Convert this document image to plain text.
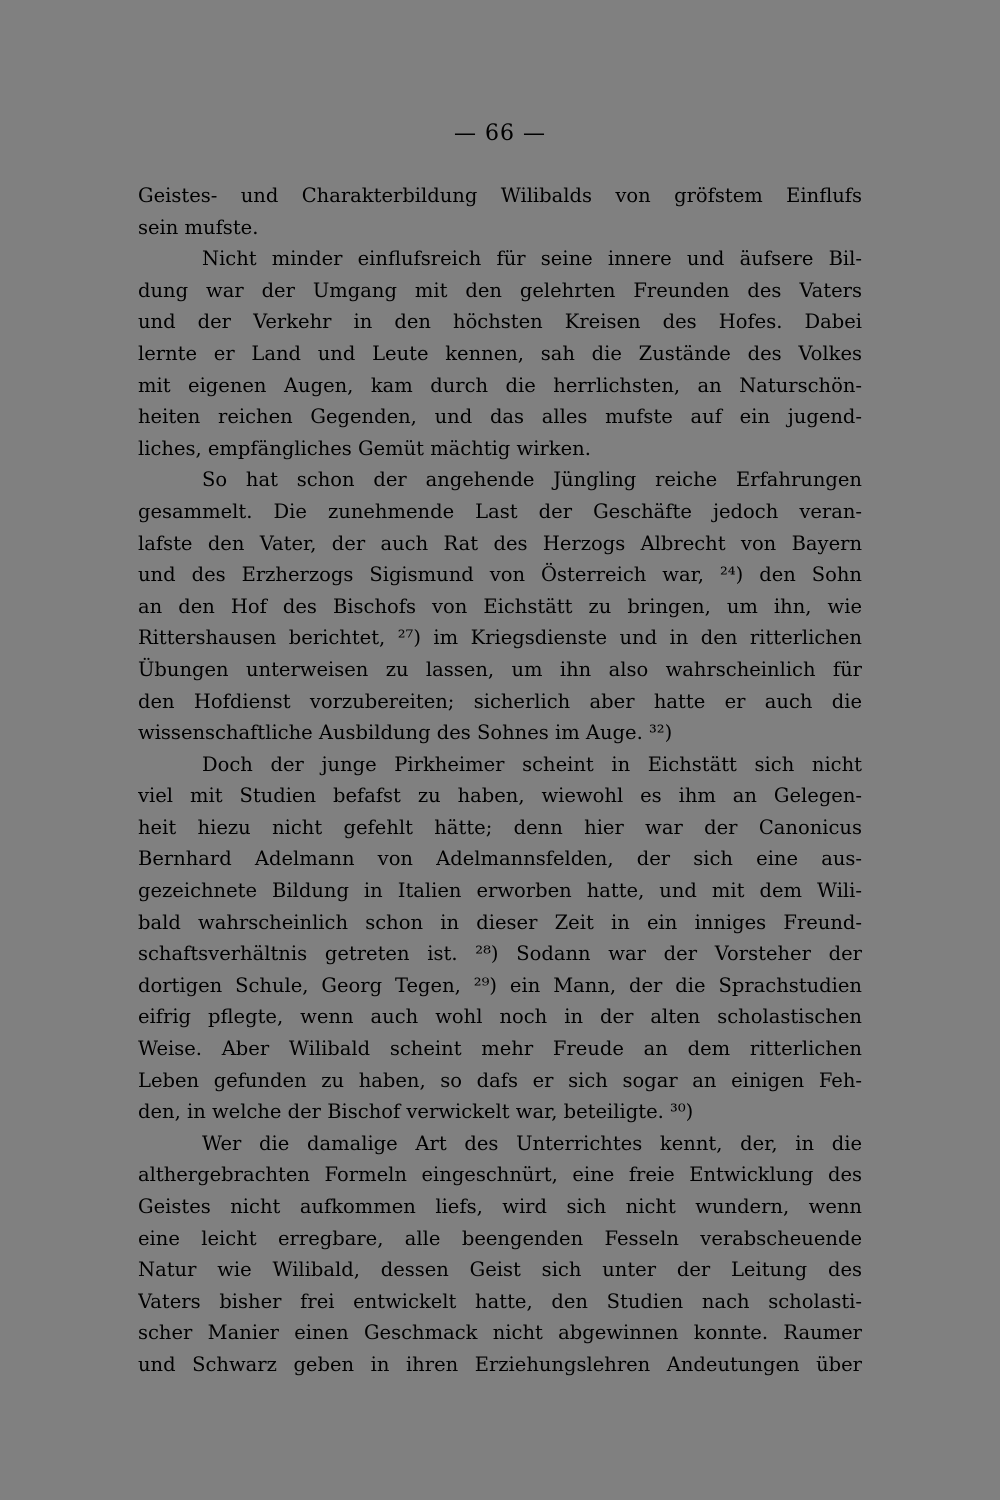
— 66 —
Geistes- und Charakterbildung Wilibalds von gröfstem Einflufs
sein mufste.
Nicht minder einflufsreich für seine innere und äufsere Bil-
dung war der Umgang mit den gelehrten Freunden des Vaters
und der Verkehr in den höchsten Kreisen des Hofes. Dabei
lernte er Land und Leute kennen, sah die Zustände des Volkes
mit eigenen Augen, kam durch die herrlichsten, an Naturschön-
heiten reichen Gegenden, und das alles mufste auf ein jugend-
liches, empfängliches Gemüt mächtig wirken.
So hat schon der angehende Jüngling reiche Erfahrungen
gesammelt. Die zunehmende Last der Geschäfte jedoch veran-
lafste den Vater, der auch Rat des Herzogs Albrecht von Bayern
und des Erzherzogs Sigismund von Österreich war, ²⁴) den Sohn
an den Hof des Bischofs von Eichstätt zu bringen, um ihn, wie
Rittershausen berichtet, ²⁷) im Kriegsdienste und in den ritterlichen
Übungen unterweisen zu lassen, um ihn also wahrscheinlich für
den Hofdienst vorzubereiten; sicherlich aber hatte er auch die
wissenschaftliche Ausbildung des Sohnes im Auge. ³²)
Doch der junge Pirkheimer scheint in Eichstätt sich nicht
viel mit Studien befafst zu haben, wiewohl es ihm an Gelegen-
heit hiezu nicht gefehlt hätte; denn hier war der Canonicus
Bernhard Adelmann von Adelmannsfelden, der sich eine aus-
gezeichnete Bildung in Italien erworben hatte, und mit dem Wili-
bald wahrscheinlich schon in dieser Zeit in ein inniges Freund-
schaftsverhältnis getreten ist. ²⁸) Sodann war der Vorsteher der
dortigen Schule, Georg Tegen, ²⁹) ein Mann, der die Sprachstudien
eifrig pflegte, wenn auch wohl noch in der alten scholastischen
Weise. Aber Wilibald scheint mehr Freude an dem ritterlichen
Leben gefunden zu haben, so dafs er sich sogar an einigen Feh-
den, in welche der Bischof verwickelt war, beteiligte. ³⁰)
Wer die damalige Art des Unterrichtes kennt, der, in die
althergebrachten Formeln eingeschnürt, eine freie Entwicklung des
Geistes nicht aufkommen liefs, wird sich nicht wundern, wenn
eine leicht erregbare, alle beengenden Fesseln verabscheuende
Natur wie Wilibald, dessen Geist sich unter der Leitung des
Vaters bisher frei entwickelt hatte, den Studien nach scholasti-
scher Manier einen Geschmack nicht abgewinnen konnte. Raumer
und Schwarz geben in ihren Erziehungslehren Andeutungen über
